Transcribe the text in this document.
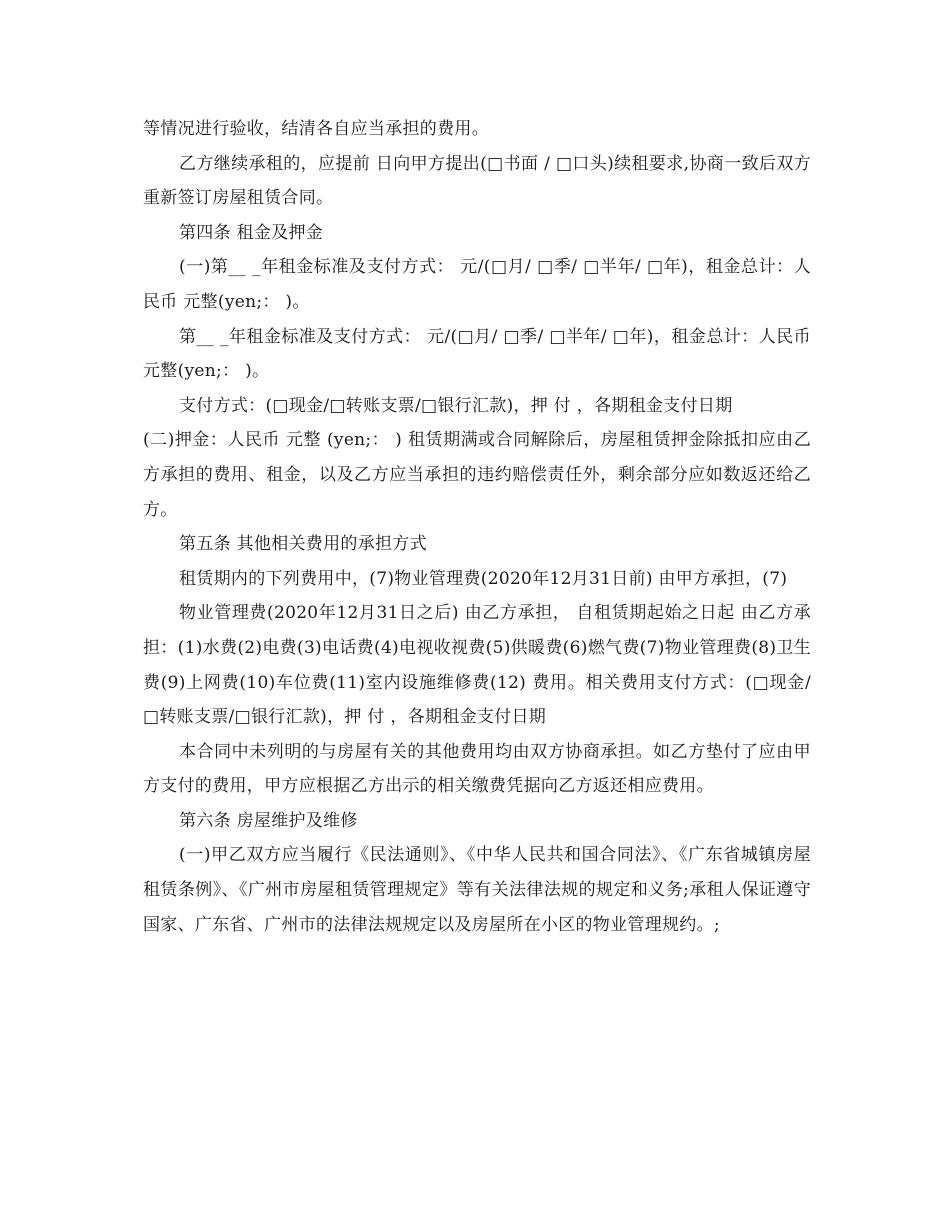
等情况进行验收，结清各自应当承担的费用。

乙方继续承租的，应提前 日向甲方提出(□书面 / □口头)续租要求,协商一致后双方重新签订房屋租赁合同。

第四条 租金及押金

(一)第__ _年租金标准及支付方式： 元/(□月/ □季/ □半年/ □年)，租金总计：人民币 元整(yen;： )。

第__ _年租金标准及支付方式： 元/(□月/ □季/ □半年/ □年)，租金总计：人民币 元整(yen;： )。

支付方式：(□现金/□转账支票/□银行汇款)，押 付 ，各期租金支付日期

(二)押金：人民币 元整 (yen;： ) 租赁期满或合同解除后，房屋租赁押金除抵扣应由乙方承担的费用、租金，以及乙方应当承担的违约赔偿责任外，剩余部分应如数返还给乙方。

第五条 其他相关费用的承担方式

租赁期内的下列费用中，(7)物业管理费(2020年12月31日前) 由甲方承担，(7)

物业管理费(2020年12月31日之后) 由乙方承担， 自租赁期起始之日起 由乙方承担：(1)水费(2)电费(3)电话费(4)电视收视费(5)供暖费(6)燃气费(7)物业管理费(8)卫生费(9)上网费(10)车位费(11)室内设施维修费(12) 费用。相关费用支付方式：(□现金/□转账支票/□银行汇款)，押 付 ，各期租金支付日期

本合同中未列明的与房屋有关的其他费用均由双方协商承担。如乙方垫付了应由甲方支付的费用，甲方应根据乙方出示的相关缴费凭据向乙方返还相应费用。

第六条 房屋维护及维修

(一)甲乙双方应当履行《民法通则》、《中华人民共和国合同法》、《广东省城镇房屋租赁条例》、《广州市房屋租赁管理规定》等有关法律法规的规定和义务;承租人保证遵守国家、广东省、广州市的法律法规规定以及房屋所在小区的物业管理规约。;
